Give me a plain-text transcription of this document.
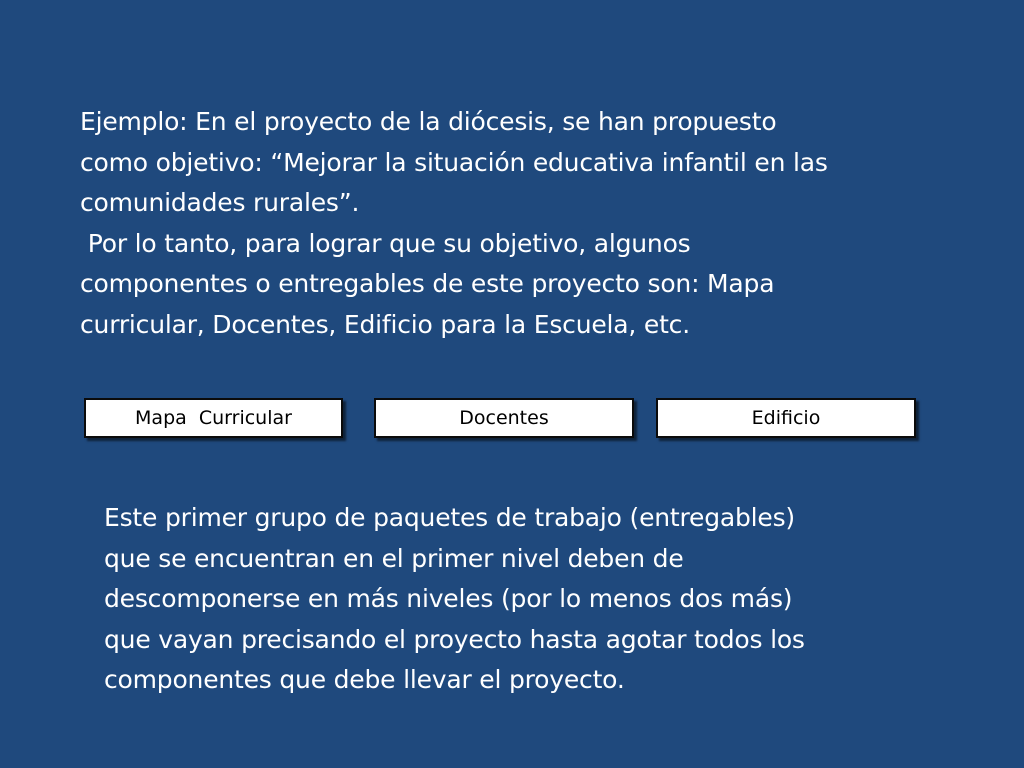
Ejemplo: En el proyecto de la diócesis, se han propuesto

como objetivo: “Mejorar la situación educativa infantil en las

comunidades rurales”.

Por lo tanto, para lograr que su objetivo, algunos

componentes o entregables de este proyecto son: Mapa

curricular, Docentes, Edificio para la Escuela, etc.

Mapa  Curricular	Docentes	Edificio

Este primer grupo de paquetes de trabajo (entregables)

que se encuentran en el primer nivel deben de

descomponerse en más niveles (por lo menos dos más)

que vayan precisando el proyecto hasta agotar todos los

componentes que debe llevar el proyecto.
